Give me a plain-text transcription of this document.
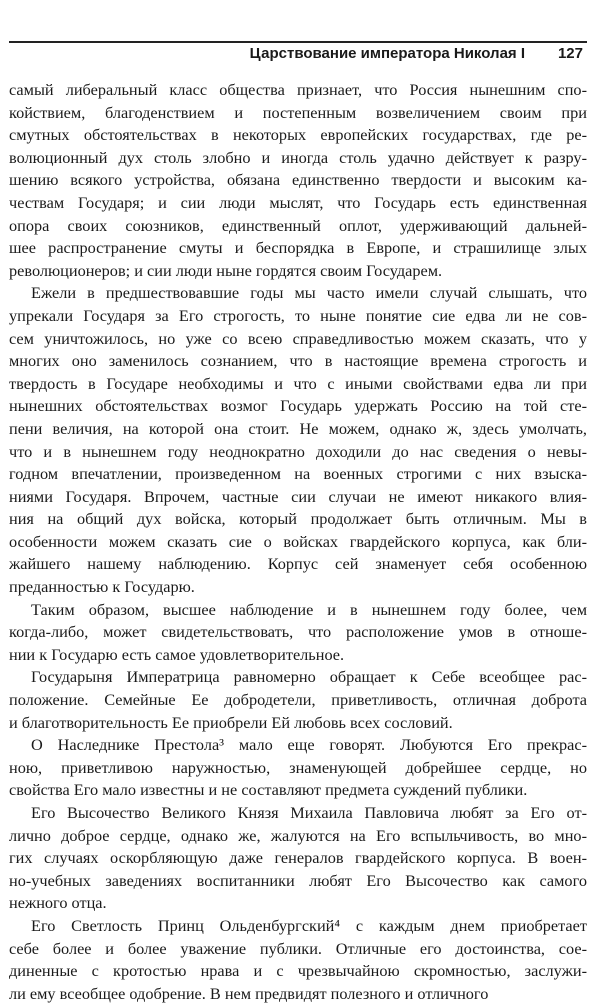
Царствование императора Николая I 127
самый либеральный класс общества признает, что Россия нынешним спо-
койствием, благоденствием и постепенным возвеличением своим при
смутных обстоятельствах в некоторых европейских государствах, где ре-
волюционный дух столь злобно и иногда столь удачно действует к разру-
шению всякого устройства, обязана единственно твердости и высоким ка-
чествам Государя; и сии люди мыслят, что Государь есть единственная
опора своих союзников, единственный оплот, удерживающий дальней-
шее распространение смуты и беспорядка в Европе, и страшилище злых
революционеров; и сии люди ныне гордятся своим Государем.
Ежели в предшествовавшие годы мы часто имели случай слышать, что
упрекали Государя за Его строгость, то ныне понятие сие едва ли не сов-
сем уничтожилось, но уже со всею справедливостью можем сказать, что у
многих оно заменилось сознанием, что в настоящие времена строгость и
твердость в Государе необходимы и что с иными свойствами едва ли при
нынешних обстоятельствах возмог Государь удержать Россию на той сте-
пени величия, на которой она стоит. Не можем, однако ж, здесь умолчать,
что и в нынешнем году неоднократно доходили до нас сведения о невы-
годном впечатлении, произведенном на военных строгими с них взыска-
ниями Государя. Впрочем, частные сии случаи не имеют никакого влия-
ния на общий дух войска, который продолжает быть отличным. Мы в
особенности можем сказать сие о войсках гвардейского корпуса, как бли-
жайшего нашему наблюдению. Корпус сей знаменует себя особенною
преданностью к Государю.
Таким образом, высшее наблюдение и в нынешнем году более, чем
когда-либо, может свидетельствовать, что расположение умов в отноше-
нии к Государю есть самое удовлетворительное.
Государыня Императрица равномерно обращает к Себе всеобщее рас-
положение. Семейные Ее добродетели, приветливость, отличная доброта
и благотворительность Ее приобрели Ей любовь всех сословий.
О Наследнике Престола³ мало еще говорят. Любуются Его прекрас-
ною, приветливою наружностью, знаменующей добрейшее сердце, но
свойства Его мало известны и не составляют предмета суждений публики.
Его Высочество Великого Князя Михаила Павловича любят за Его от-
лично доброе сердце, однако же, жалуются на Его вспыльчивость, во мно-
гих случаях оскорбляющую даже генералов гвардейского корпуса. В воен-
но-учебных заведениях воспитанники любят Его Высочество как самого
нежного отца.
Его Светлость Принц Ольденбургский⁴ с каждым днем приобретает
себе более и более уважение публики. Отличные его достоинства, сое-
диненные с кротостью нрава и с чрезвычайною скромностью, заслужи-
ли ему всеобщее одобрение. В нем предвидят полезного и отличного
